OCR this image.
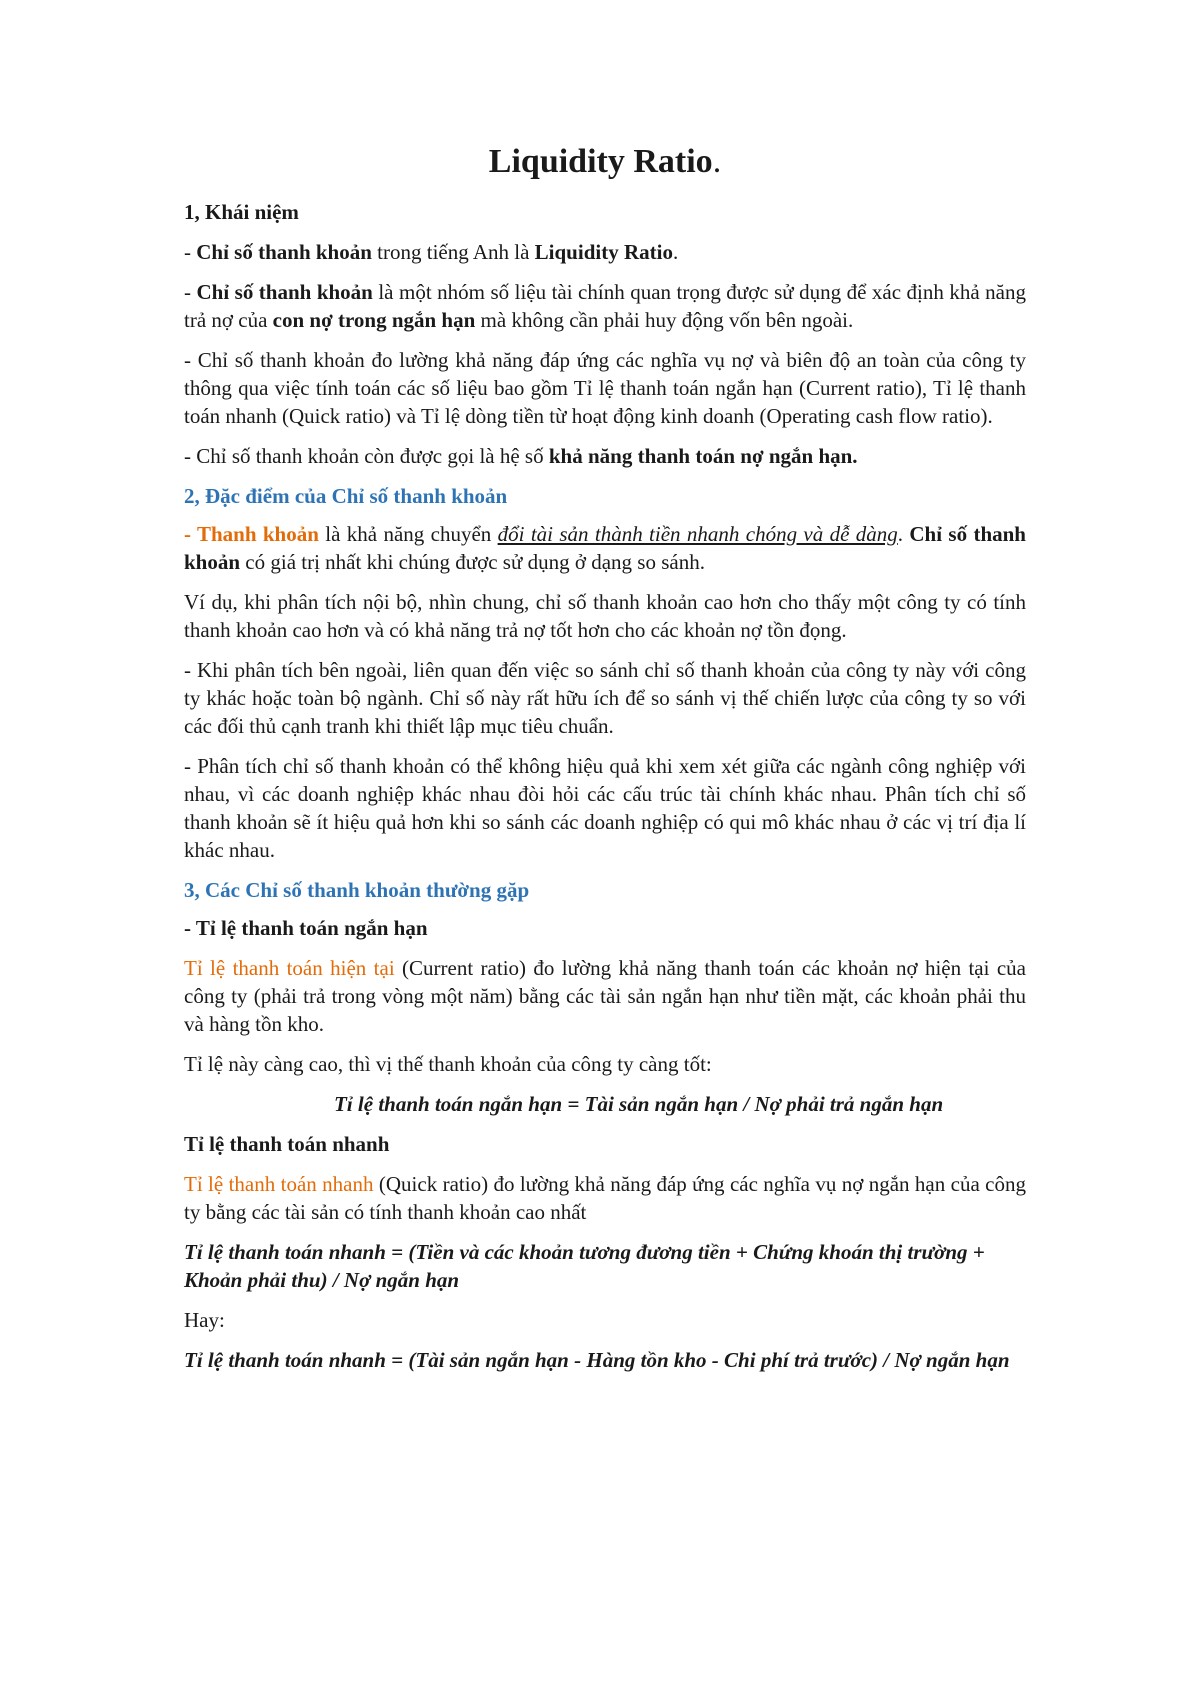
Liquidity Ratio.

1, Khái niệm

- Chỉ số thanh khoản trong tiếng Anh là Liquidity Ratio.

- Chỉ số thanh khoản là một nhóm số liệu tài chính quan trọng được sử dụng để xác định khả năng trả nợ của con nợ trong ngắn hạn mà không cần phải huy động vốn bên ngoài.

- Chỉ số thanh khoản đo lường khả năng đáp ứng các nghĩa vụ nợ và biên độ an toàn của công ty thông qua việc tính toán các số liệu bao gồm Tỉ lệ thanh toán ngắn hạn (Current ratio), Tỉ lệ thanh toán nhanh (Quick ratio) và Tỉ lệ dòng tiền từ hoạt động kinh doanh (Operating cash flow ratio).

- Chỉ số thanh khoản còn được gọi là hệ số khả năng thanh toán nợ ngắn hạn.

2, Đặc điểm của Chỉ số thanh khoản

- Thanh khoản là khả năng chuyển đổi tài sản thành tiền nhanh chóng và dễ dàng. Chỉ số thanh khoản có giá trị nhất khi chúng được sử dụng ở dạng so sánh.

Ví dụ, khi phân tích nội bộ, nhìn chung, chỉ số thanh khoản cao hơn cho thấy một công ty có tính thanh khoản cao hơn và có khả năng trả nợ tốt hơn cho các khoản nợ tồn đọng.

- Khi phân tích bên ngoài, liên quan đến việc so sánh chỉ số thanh khoản của công ty này với công ty khác hoặc toàn bộ ngành. Chỉ số này rất hữu ích để so sánh vị thế chiến lược của công ty so với các đối thủ cạnh tranh khi thiết lập mục tiêu chuẩn.

- Phân tích chỉ số thanh khoản có thể không hiệu quả khi xem xét giữa các ngành công nghiệp với nhau, vì các doanh nghiệp khác nhau đòi hỏi các cấu trúc tài chính khác nhau. Phân tích chỉ số thanh khoản sẽ ít hiệu quả hơn khi so sánh các doanh nghiệp có qui mô khác nhau ở các vị trí địa lí khác nhau.

3, Các Chỉ số thanh khoản thường gặp

- Tỉ lệ thanh toán ngắn hạn

Tỉ lệ thanh toán hiện tại (Current ratio) đo lường khả năng thanh toán các khoản nợ hiện tại của công ty (phải trả trong vòng một năm) bằng các tài sản ngắn hạn như tiền mặt, các khoản phải thu và hàng tồn kho.

Tỉ lệ này càng cao, thì vị thế thanh khoản của công ty càng tốt:

Tỉ lệ thanh toán ngắn hạn = Tài sản ngắn hạn / Nợ phải trả ngắn hạn

Tỉ lệ thanh toán nhanh

Tỉ lệ thanh toán nhanh (Quick ratio) đo lường khả năng đáp ứng các nghĩa vụ nợ ngắn hạn của công ty bằng các tài sản có tính thanh khoản cao nhất

Tỉ lệ thanh toán nhanh = (Tiền và các khoản tương đương tiền + Chứng khoán thị trường + Khoản phải thu) / Nợ ngắn hạn

Hay:

Tỉ lệ thanh toán nhanh = (Tài sản ngắn hạn - Hàng tồn kho - Chi phí trả trước) / Nợ ngắn hạn
